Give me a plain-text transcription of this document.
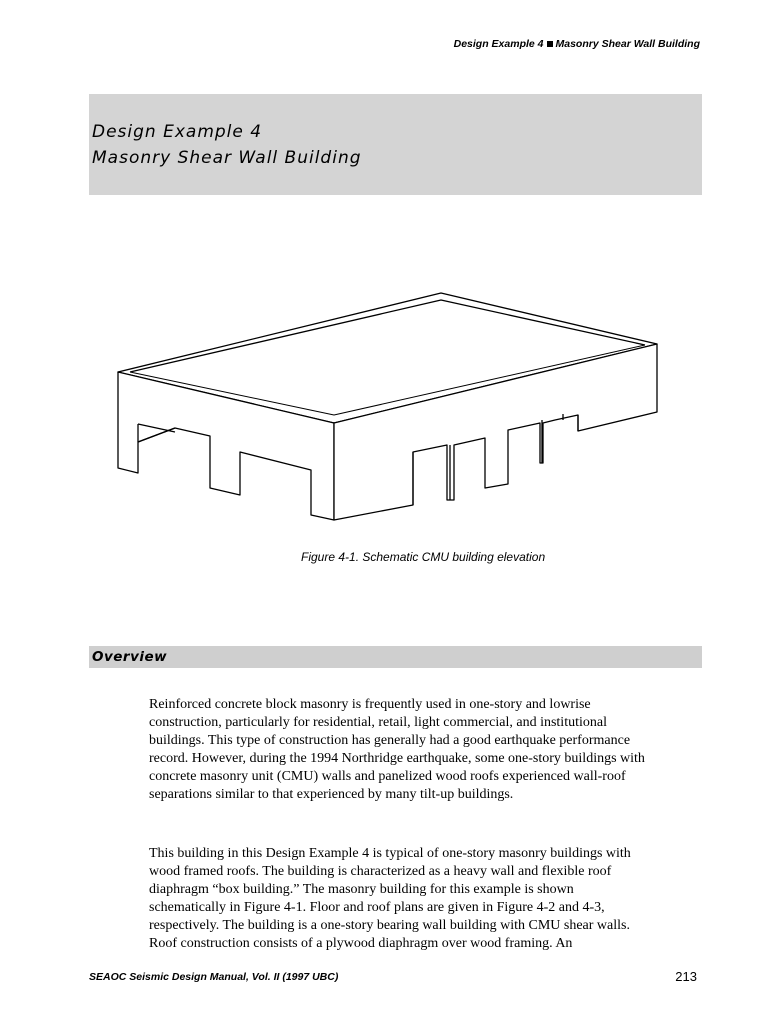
Design Example 4 Masonry Shear Wall Building
Design Example 4
Masonry Shear Wall Building
Figure 4-1. Schematic CMU building elevation
Overview

Reinforced concrete block masonry is frequently used in one-story and lowrise construction, particularly for residential, retail, light commercial, and institutional buildings. This type of construction has generally had a good earthquake performance record. However, during the 1994 Northridge earthquake, some one-story buildings with concrete masonry unit (CMU) walls and panelized wood roofs experienced wall-roof separations similar to that experienced by many tilt-up buildings.

This building in this Design Example 4 is typical of one-story masonry buildings with wood framed roofs. The building is characterized as a heavy wall and flexible roof diaphragm “box building.” The masonry building for this example is shown schematically in Figure 4-1. Floor and roof plans are given in Figure 4-2 and 4-3, respectively. The building is a one-story bearing wall building with CMU shear walls. Roof construction consists of a plywood diaphragm over wood framing. An

SEAOC Seismic Design Manual, Vol. II (1997 UBC)	213
